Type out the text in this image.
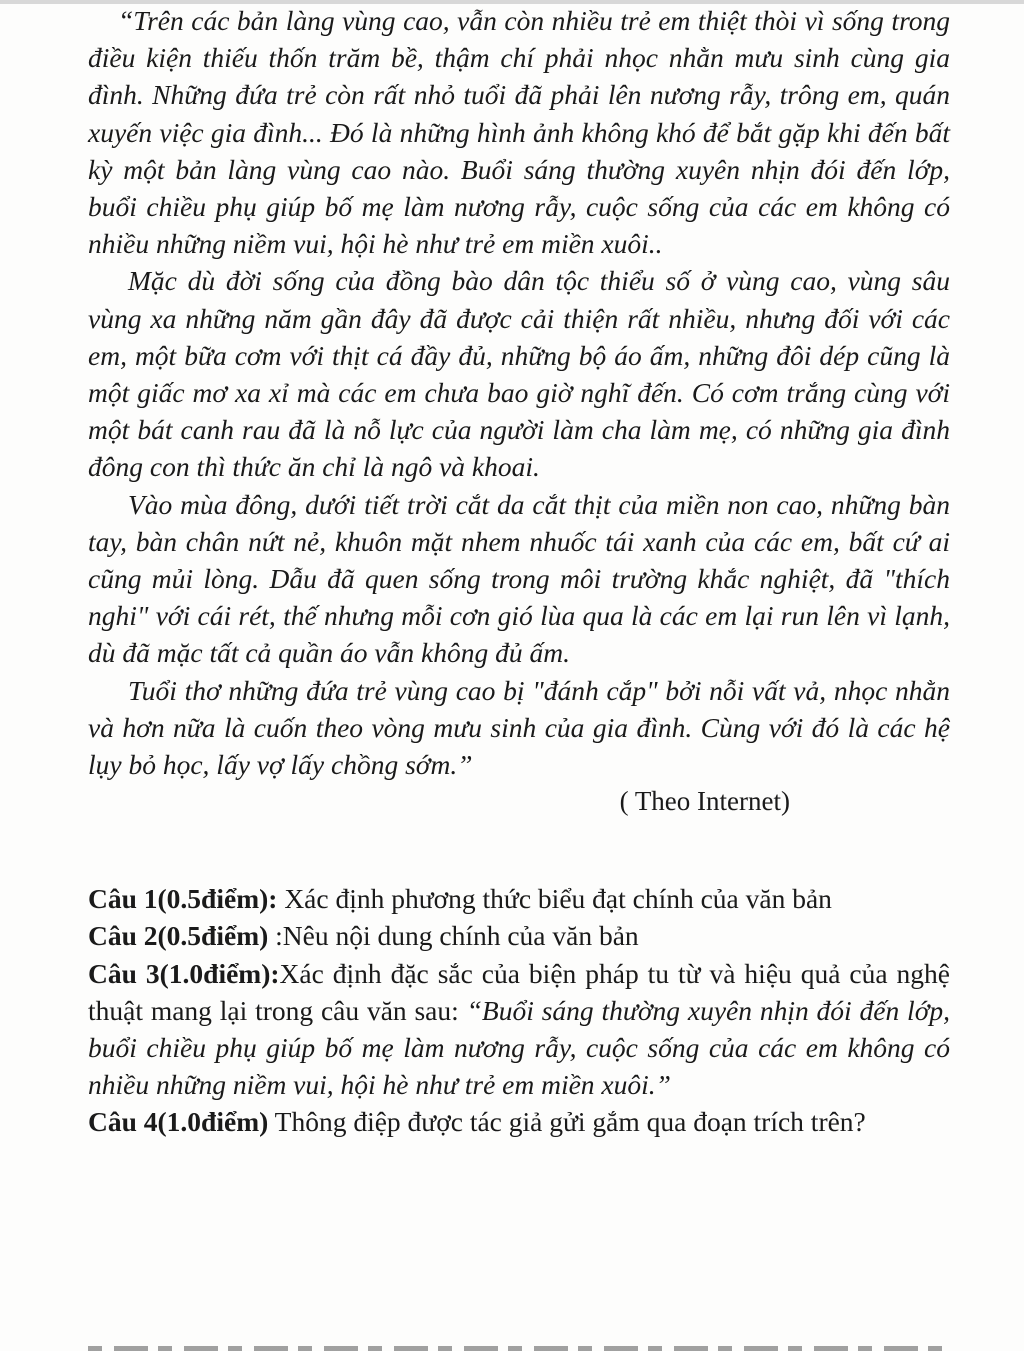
“Trên các bản làng vùng cao, vẫn còn nhiều trẻ em thiệt thòi vì sống trong điều kiện thiếu thốn trăm bề, thậm chí phải nhọc nhằn mưu sinh cùng gia đình. Những đứa trẻ còn rất nhỏ tuổi đã phải lên nương rẫy, trông em, quán xuyến việc gia đình... Đó là những hình ảnh không khó để bắt gặp khi đến bất kỳ một bản làng vùng cao nào. Buổi sáng thường xuyên nhịn đói đến lớp, buổi chiều phụ giúp bố mẹ làm nương rẫy, cuộc sống của các em không có nhiều những niềm vui, hội hè như trẻ em miền xuôi..

Mặc dù đời sống của đồng bào dân tộc thiểu số ở vùng cao, vùng sâu vùng xa những năm gần đây đã được cải thiện rất nhiều, nhưng đối với các em, một bữa cơm với thịt cá đầy đủ, những bộ áo ấm, những đôi dép cũng là một giấc mơ xa xỉ mà các em chưa bao giờ nghĩ đến. Có cơm trắng cùng với một bát canh rau đã là nỗ lực của người làm cha làm mẹ, có những gia đình đông con thì thức ăn chỉ là ngô và khoai.

Vào mùa đông, dưới tiết trời cắt da cắt thịt của miền non cao, những bàn tay, bàn chân nứt nẻ, khuôn mặt nhem nhuốc tái xanh của các em, bất cứ ai cũng mủi lòng. Dẫu đã quen sống trong môi trường khắc nghiệt, đã "thích nghi" với cái rét, thế nhưng mỗi cơn gió lùa qua là các em lại run lên vì lạnh, dù đã mặc tất cả quần áo vẫn không đủ ấm.

Tuổi thơ những đứa trẻ vùng cao bị "đánh cắp" bởi nỗi vất vả, nhọc nhằn và hơn nữa là cuốn theo vòng mưu sinh của gia đình. Cùng với đó là các hệ lụy bỏ học, lấy vợ lấy chồng sớm.”

( Theo Internet)

Câu 1(0.5điểm): Xác định phương thức biểu đạt chính của văn bản

Câu 2(0.5điểm) :Nêu nội dung chính của văn bản

Câu 3(1.0điểm):Xác định đặc sắc của biện pháp tu từ và hiệu quả của nghệ thuật mang lại trong câu văn sau: “Buổi sáng thường xuyên nhịn đói đến lớp, buổi chiều phụ giúp bố mẹ làm nương rẫy, cuộc sống của các em không có nhiều những niềm vui, hội hè như trẻ em miền xuôi.”

Câu 4(1.0điểm) Thông điệp được tác giả gửi gắm qua đoạn trích trên?
